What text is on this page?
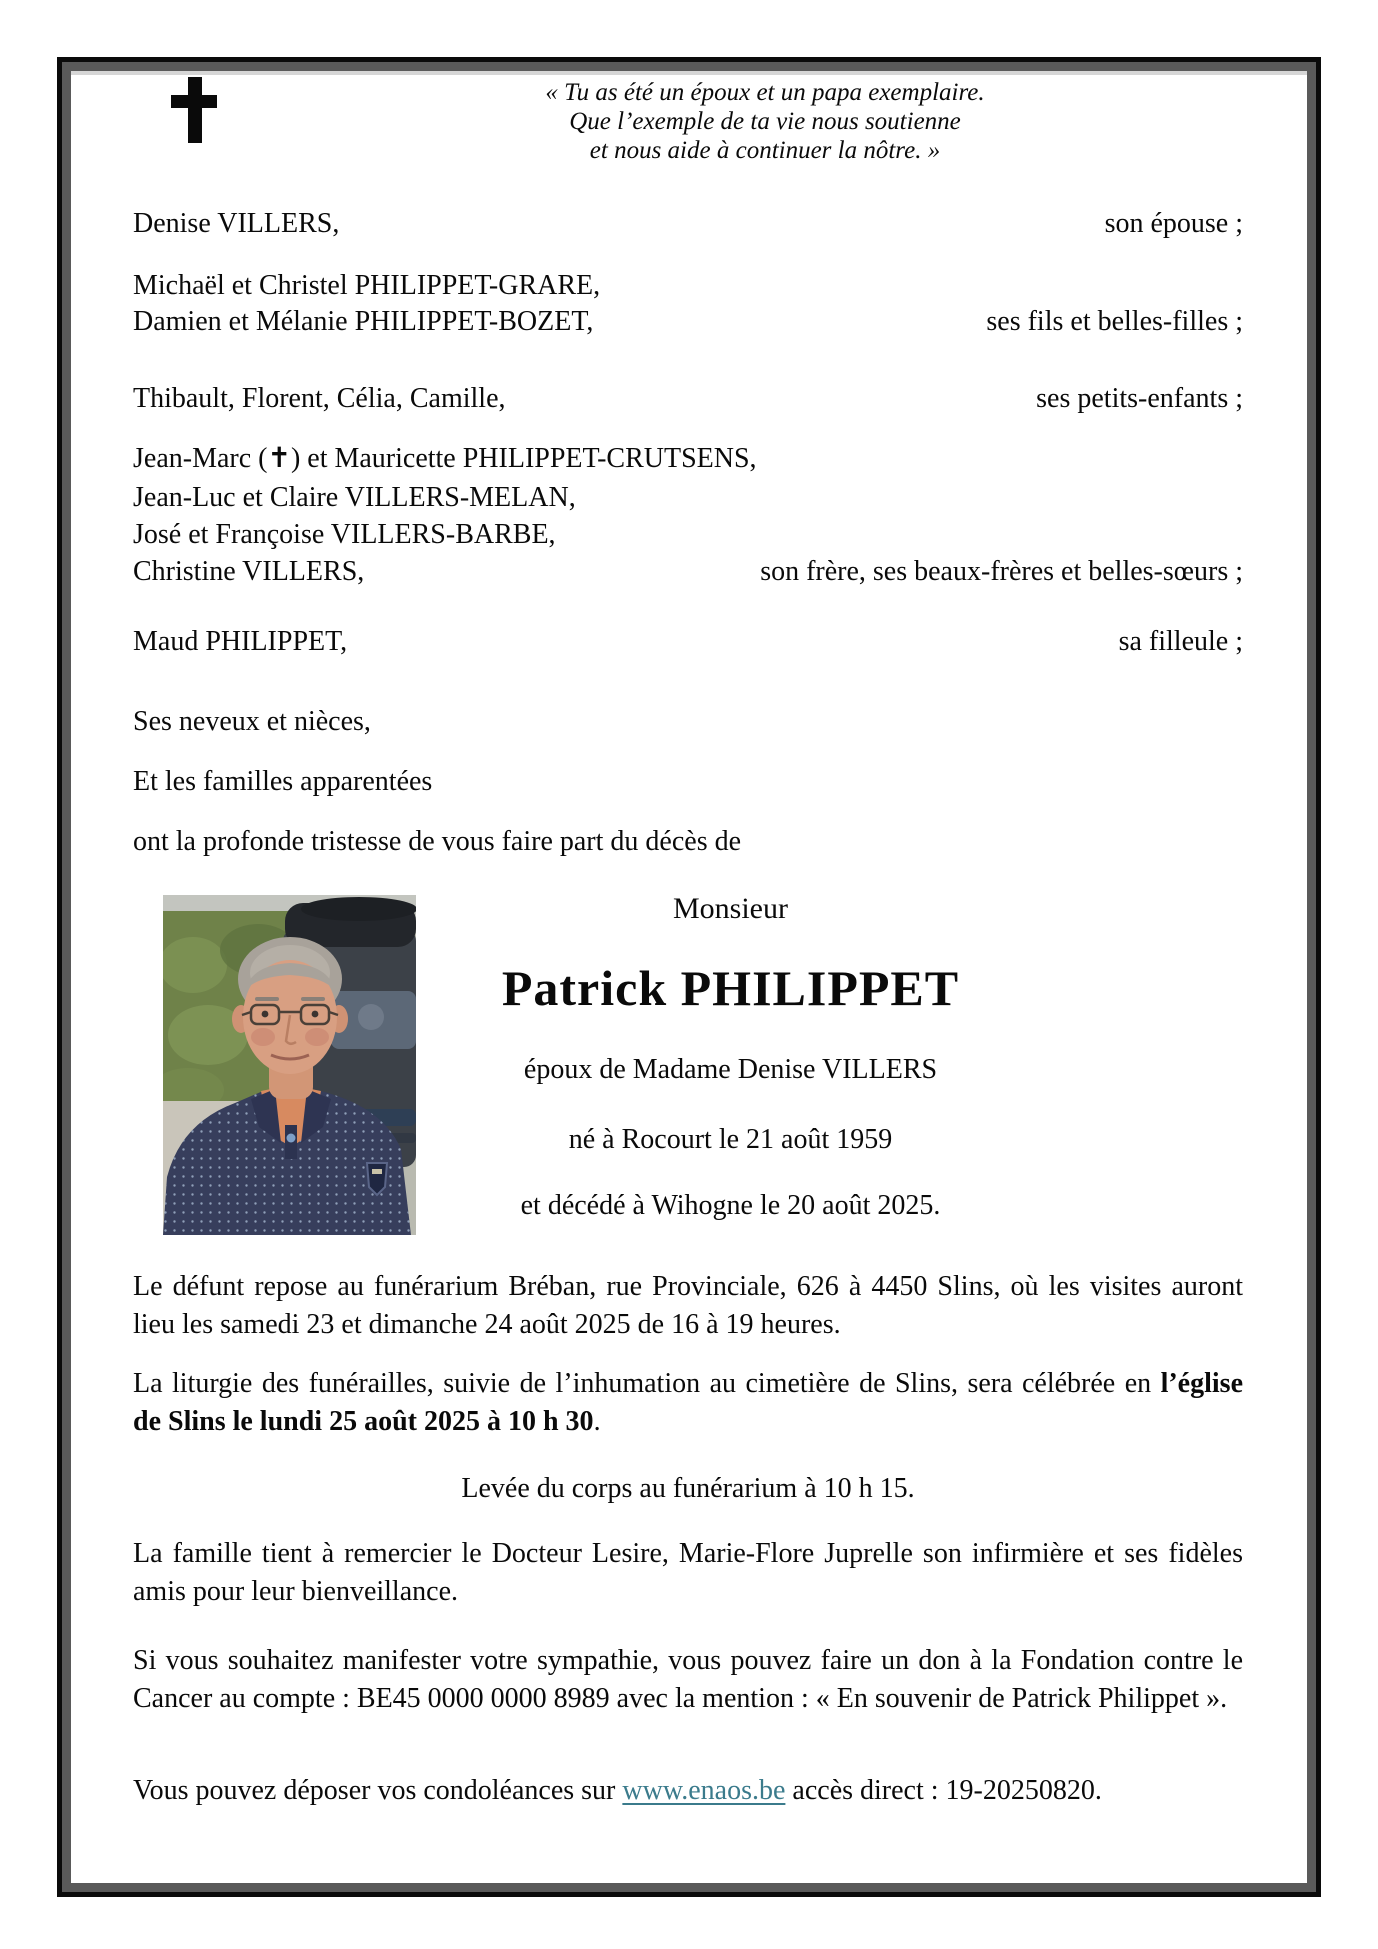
« Tu as été un époux et un papa exemplaire.
Que l’exemple de ta vie nous soutienne
et nous aide à continuer la nôtre. »
Denise VILLERS,	son épouse ;
Michaël et Christel PHILIPPET-GRARE,
Damien et Mélanie PHILIPPET-BOZET,	ses fils et belles-filles ;
Thibault, Florent, Célia, Camille,	ses petits-enfants ;
Jean-Marc (✝) et Mauricette PHILIPPET-CRUTSENS,
Jean-Luc et Claire VILLERS-MELAN,
José et Françoise VILLERS-BARBE,
Christine VILLERS,	son frère, ses beaux-frères et belles-sœurs ;
Maud PHILIPPET,	sa filleule ;
Ses neveux et nièces,
Et les familles apparentées
ont la profonde tristesse de vous faire part du décès de
Monsieur
Patrick PHILIPPET
époux de Madame Denise VILLERS
né à Rocourt le 21 août 1959
et décédé à Wihogne le 20 août 2025.
Le défunt repose au funérarium Bréban, rue Provinciale, 626 à 4450 Slins, où les visites auront lieu les samedi 23 et dimanche 24 août 2025 de 16 à 19 heures.
La liturgie des funérailles, suivie de l’inhumation au cimetière de Slins, sera célébrée en l’église de Slins le lundi 25 août 2025 à 10 h 30.
Levée du corps au funérarium à 10 h 15.
La famille tient à remercier le Docteur Lesire, Marie-Flore Juprelle son infirmière et ses fidèles amis pour leur bienveillance.
Si vous souhaitez manifester votre sympathie, vous pouvez faire un don à la Fondation contre le Cancer au compte : BE45 0000 0000 8989 avec la mention : « En souvenir de Patrick Philippet ».
Vous pouvez déposer vos condoléances sur www.enaos.be accès direct : 19-20250820.
